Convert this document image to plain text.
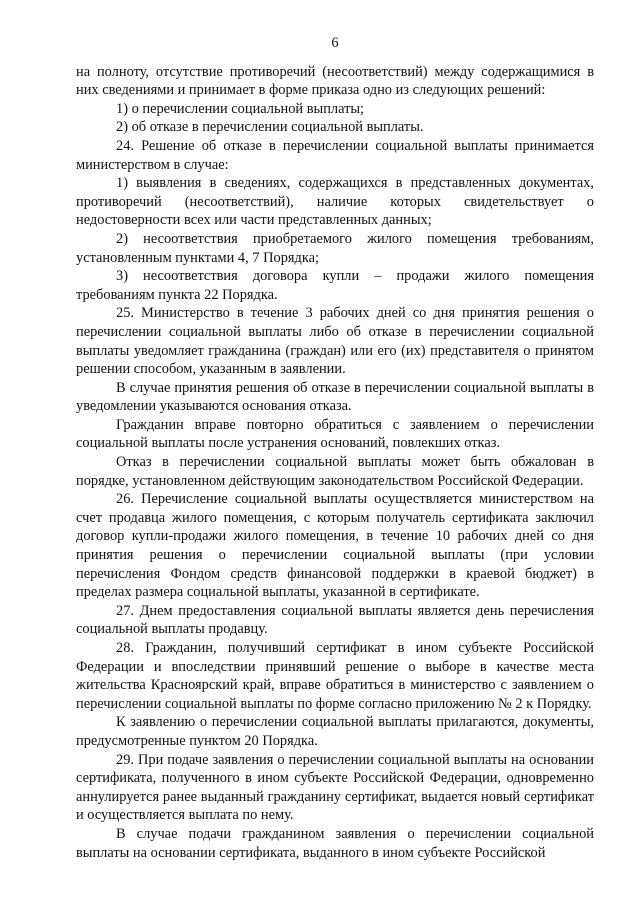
6

на полноту, отсутствие противоречий (несоответствий) между содержащимися в них сведениями и принимает в форме приказа одно из следующих решений:

1) о перечислении социальной выплаты;

2) об отказе в перечислении социальной выплаты.

24. Решение об отказе в перечислении социальной выплаты принимается министерством в случае:

1) выявления в сведениях, содержащихся в представленных документах, противоречий (несоответствий), наличие которых свидетельствует о недостоверности всех или части представленных данных;

2) несоответствия приобретаемого жилого помещения требованиям, установленным пунктами 4, 7 Порядка;

3) несоответствия договора купли – продажи жилого помещения требованиям пункта 22 Порядка.

25. Министерство в течение 3 рабочих дней со дня принятия решения о перечислении социальной выплаты либо об отказе в перечислении социальной выплаты уведомляет гражданина (граждан) или его (их) представителя о принятом решении способом, указанным в заявлении.

В случае принятия решения об отказе в перечислении социальной выплаты в уведомлении указываются основания отказа.

Гражданин вправе повторно обратиться с заявлением о перечислении социальной выплаты после устранения оснований, повлекших отказ.

Отказ в перечислении социальной выплаты может быть обжалован в порядке, установленном действующим законодательством Российской Федерации.

26. Перечисление социальной выплаты осуществляется министерством на счет продавца жилого помещения, с которым получатель сертификата заключил договор купли-продажи жилого помещения, в течение 10 рабочих дней со дня принятия решения о перечислении социальной выплаты (при условии перечисления Фондом средств финансовой поддержки в краевой бюджет) в пределах размера социальной выплаты, указанной в сертификате.

27. Днем предоставления социальной выплаты является день перечисления социальной выплаты продавцу.

28. Гражданин, получивший сертификат в ином субъекте Российской Федерации и впоследствии принявший решение о выборе в качестве места жительства Красноярский край, вправе обратиться в министерство с заявлением о перечислении социальной выплаты по форме согласно приложению № 2 к Порядку.

К заявлению о перечислении социальной выплаты прилагаются, документы, предусмотренные пунктом 20 Порядка.

29. При подаче заявления о перечислении социальной выплаты на основании сертификата, полученного в ином субъекте Российской Федерации, одновременно аннулируется ранее выданный гражданину сертификат, выдается новый сертификат и осуществляется выплата по нему.

В случае подачи гражданином заявления о перечислении социальной выплаты на основании сертификата, выданного в ином субъекте Российской
